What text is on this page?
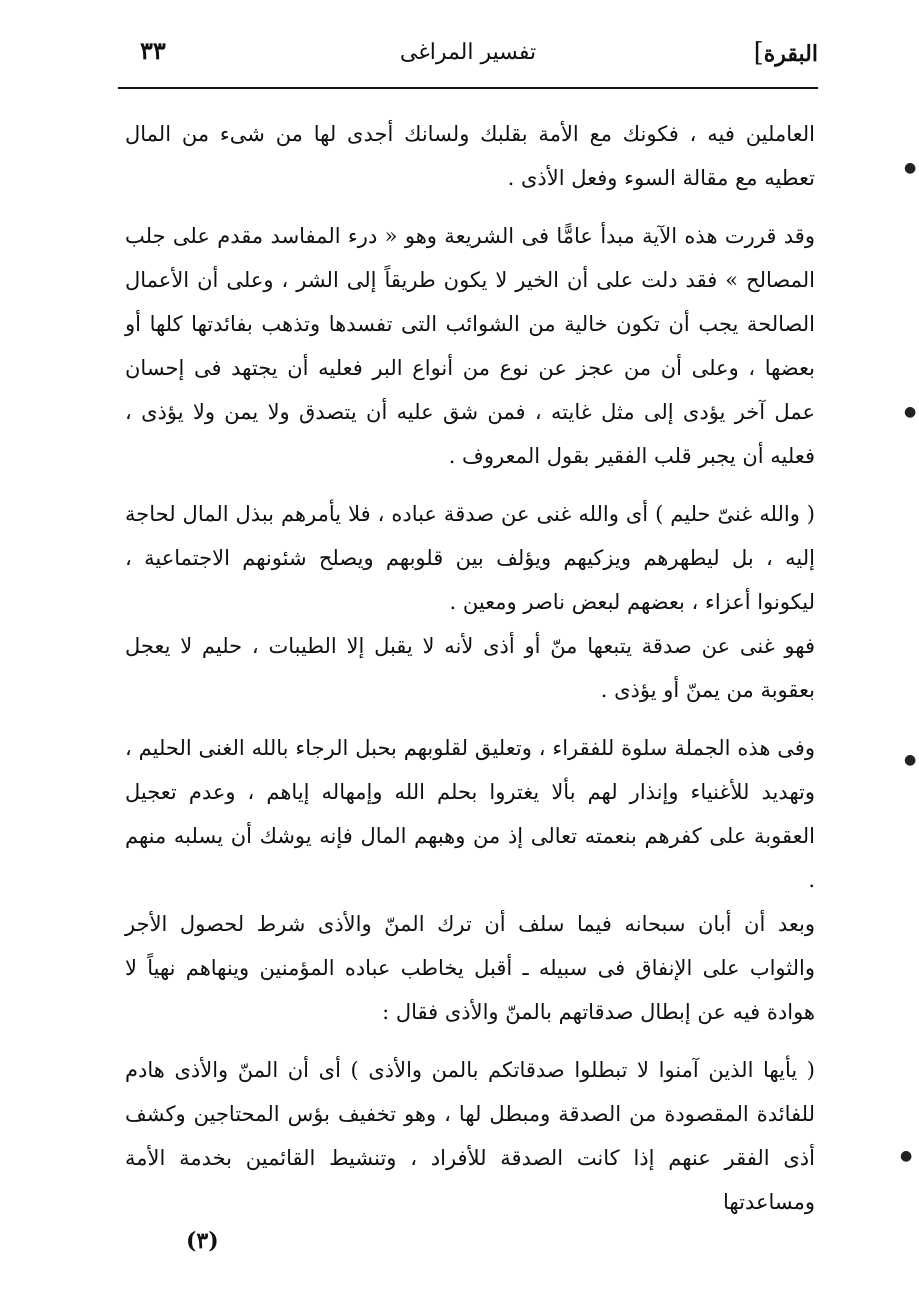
البقرة]
تفسير المراغى
٣٣

العاملين فيه ، فكونك مع الأمة بقلبك ولسانك أجدى لها من شىء من المال تعطيه مع مقالة السوء وفعل الأذى .

وقد قررت هذه الآية مبدأ عامًّا فى الشريعة وهو « درء المفاسد مقدم على جلب المصالح » فقد دلت على أن الخير لا يكون طريقاً إلى الشر ، وعلى أن الأعمال الصالحة يجب أن تكون خالية من الشوائب التى تفسدها وتذهب بفائدتها كلها أو بعضها ، وعلى أن من عجز عن نوع من أنواع البر فعليه أن يجتهد فى إحسان عمل آخر يؤدى إلى مثل غايته ، فمن شق عليه أن يتصدق ولا يمن ولا يؤذى ، فعليه أن يجبر قلب الفقير بقول المعروف .

( والله غنىّ حليم ) أى والله غنى عن صدقة عباده ، فلا يأمرهم ببذل المال لحاجة إليه ، بل ليطهرهم ويزكيهم ويؤلف بين قلوبهم ويصلح شئونهم الاجتماعية ، ليكونوا أعزاء ، بعضهم لبعض ناصر ومعين .

فهو غنى عن صدقة يتبعها منّ أو أذى لأنه لا يقبل إلا الطيبات ، حليم لا يعجل بعقوبة من يمنّ أو يؤذى .

وفى هذه الجملة سلوة للفقراء ، وتعليق لقلوبهم بحبل الرجاء بالله الغنى الحليم ، وتهديد للأغنياء وإنذار لهم بألا يغتروا بحلم الله وإمهاله إياهم ، وعدم تعجيل العقوبة على كفرهم بنعمته تعالى إذ من وهبهم المال فإنه يوشك أن يسلبه منهم .

وبعد أن أبان سبحانه فيما سلف أن ترك المنّ والأذى شرط لحصول الأجر والثواب على الإنفاق فى سبيله ـ أقبل يخاطب عباده المؤمنين وينهاهم نهياً لا هوادة فيه عن إبطال صدقاتهم بالمنّ والأذى فقال :

( يأيها الذين آمنوا لا تبطلوا صدقاتكم بالمن والأذى ) أى أن المنّ والأذى هادم للفائدة المقصودة من الصدقة ومبطل لها ، وهو تخفيف بؤس المحتاجين وكشف أذى الفقر عنهم إذا كانت الصدقة للأفراد ، وتنشيط القائمين بخدمة الأمة ومساعدتها

(٣)
●
●
●
●
